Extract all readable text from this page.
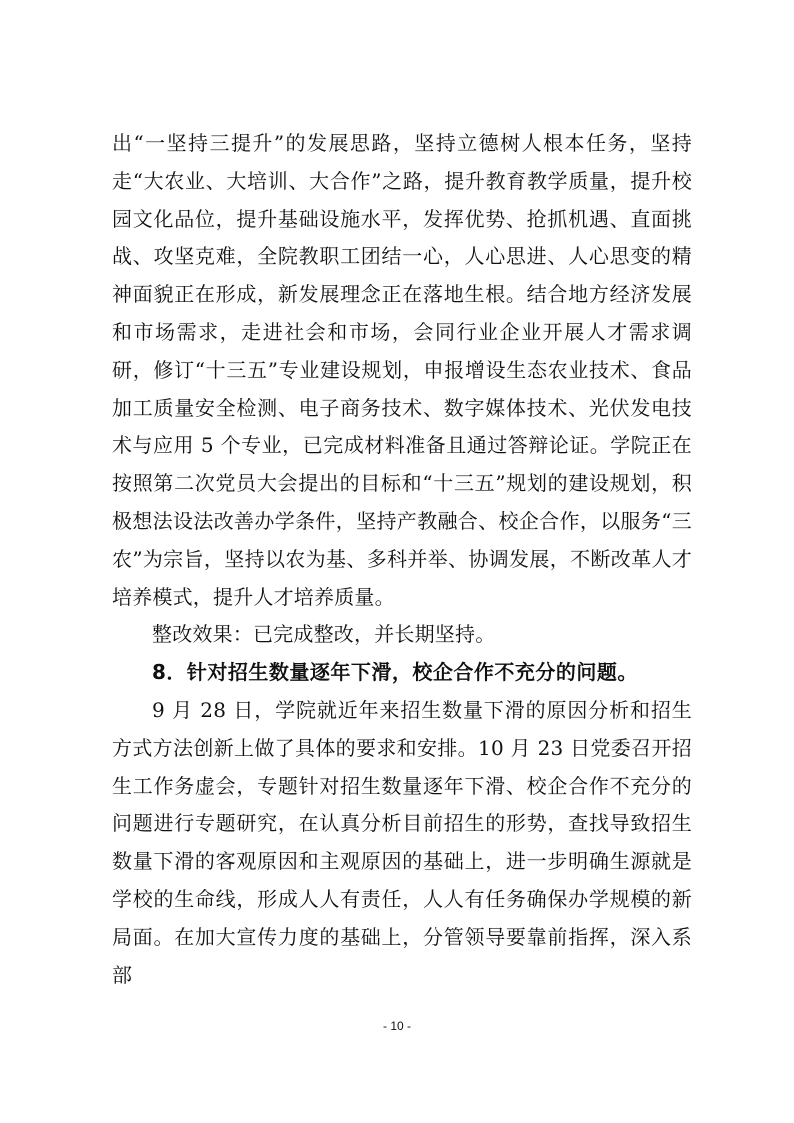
出“一坚持三提升”的发展思路，坚持立德树人根本任务，坚持走“大农业、大培训、大合作”之路，提升教育教学质量，提升校园文化品位，提升基础设施水平，发挥优势、抢抓机遇、直面挑战、攻坚克难，全院教职工团结一心，人心思进、人心思变的精神面貌正在形成，新发展理念正在落地生根。结合地方经济发展和市场需求，走进社会和市场，会同行业企业开展人才需求调研，修订“十三五”专业建设规划，申报增设生态农业技术、食品加工质量安全检测、电子商务技术、数字媒体技术、光伏发电技术与应用 5 个专业，已完成材料准备且通过答辩论证。学院正在按照第二次党员大会提出的目标和“十三五”规划的建设规划，积极想法设法改善办学条件，坚持产教融合、校企合作，以服务“三农”为宗旨，坚持以农为基、多科并举、协调发展，不断改革人才培养模式，提升人才培养质量。

整改效果：已完成整改，并长期坚持。

8．针对招生数量逐年下滑，校企合作不充分的问题。

9 月 28 日，学院就近年来招生数量下滑的原因分析和招生方式方法创新上做了具体的要求和安排。10 月 23 日党委召开招生工作务虚会，专题针对招生数量逐年下滑、校企合作不充分的问题进行专题研究，在认真分析目前招生的形势，查找导致招生数量下滑的客观原因和主观原因的基础上，进一步明确生源就是学校的生命线，形成人人有责任，人人有任务确保办学规模的新局面。在加大宣传力度的基础上，分管领导要靠前指挥，深入系部

- 10 -
